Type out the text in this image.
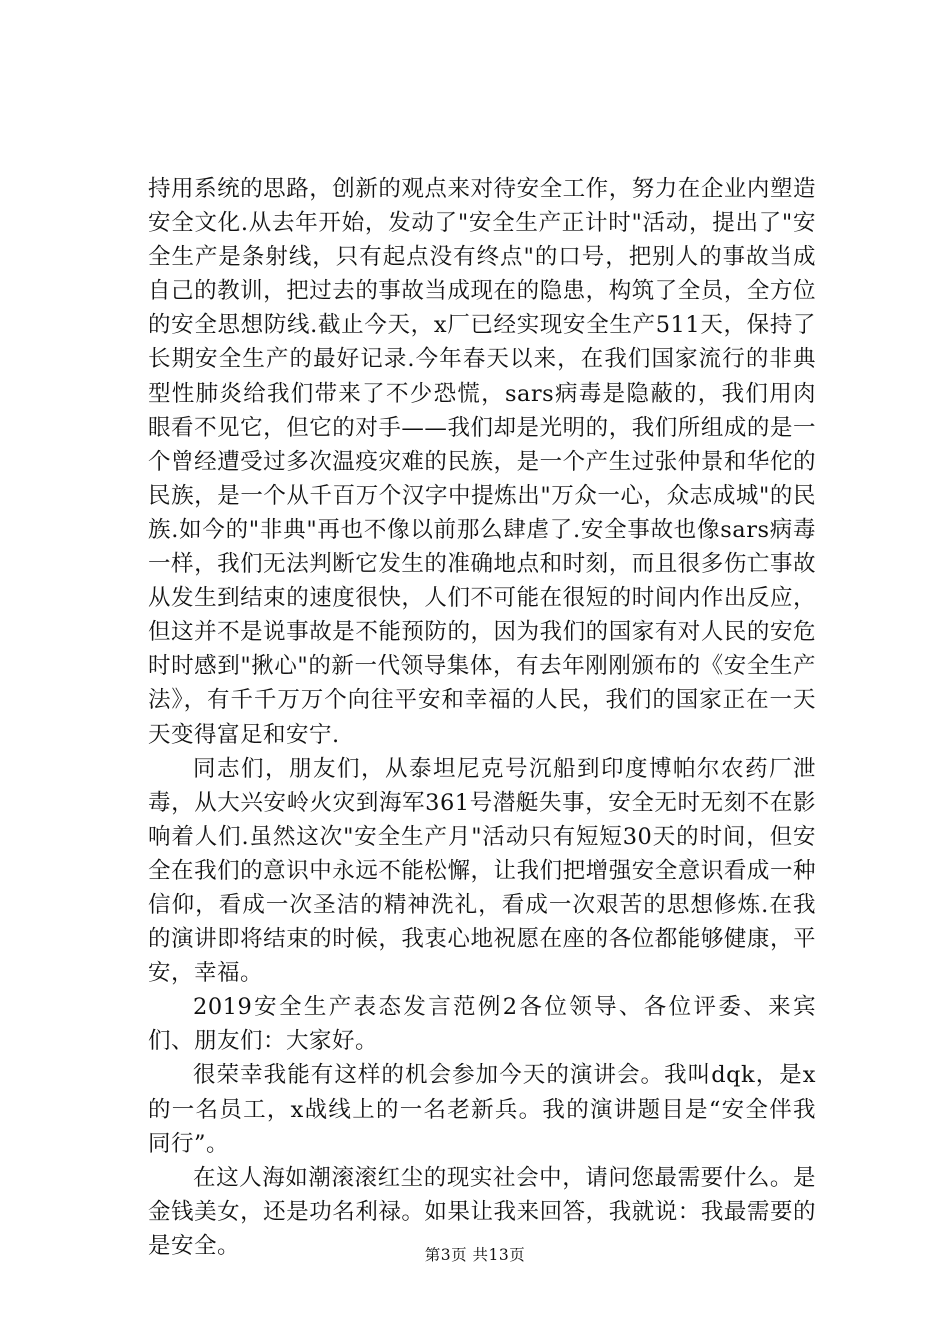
持用系统的思路，创新的观点来对待安全工作，努力在企业内塑造安全文化.从去年开始，发动了"安全生产正计时"活动，提出了"安全生产是条射线，只有起点没有终点"的口号，把别人的事故当成自己的教训，把过去的事故当成现在的隐患，构筑了全员，全方位的安全思想防线.截止今天，x厂已经实现安全生产511天，保持了长期安全生产的最好记录.今年春天以来，在我们国家流行的非典型性肺炎给我们带来了不少恐慌，sars病毒是隐蔽的，我们用肉眼看不见它，但它的对手——我们却是光明的，我们所组成的是一个曾经遭受过多次温疫灾难的民族，是一个产生过张仲景和华佗的民族，是一个从千百万个汉字中提炼出"万众一心，众志成城"的民族.如今的"非典"再也不像以前那么肆虐了.安全事故也像sars病毒一样，我们无法判断它发生的准确地点和时刻，而且很多伤亡事故从发生到结束的速度很快，人们不可能在很短的时间内作出反应，但这并不是说事故是不能预防的，因为我们的国家有对人民的安危时时感到"揪心"的新一代领导集体，有去年刚刚颁布的《安全生产法》，有千千万万个向往平安和幸福的人民，我们的国家正在一天天变得富足和安宁.

同志们，朋友们，从泰坦尼克号沉船到印度博帕尔农药厂泄毒，从大兴安岭火灾到海军361号潜艇失事，安全无时无刻不在影响着人们.虽然这次"安全生产月"活动只有短短30天的时间，但安全在我们的意识中永远不能松懈，让我们把增强安全意识看成一种信仰，看成一次圣洁的精神洗礼，看成一次艰苦的思想修炼.在我的演讲即将结束的时候，我衷心地祝愿在座的各位都能够健康，平安，幸福。

2019安全生产表态发言范例2各位领导、各位评委、来宾们、朋友们：大家好。

很荣幸我能有这样的机会参加今天的演讲会。我叫dqk，是x的一名员工，x战线上的一名老新兵。我的演讲题目是“安全伴我同行”。

在这人海如潮滚滚红尘的现实社会中，请问您最需要什么。是金钱美女，还是功名利禄。如果让我来回答，我就说：我最需要的是安全。	第3页 共13页
